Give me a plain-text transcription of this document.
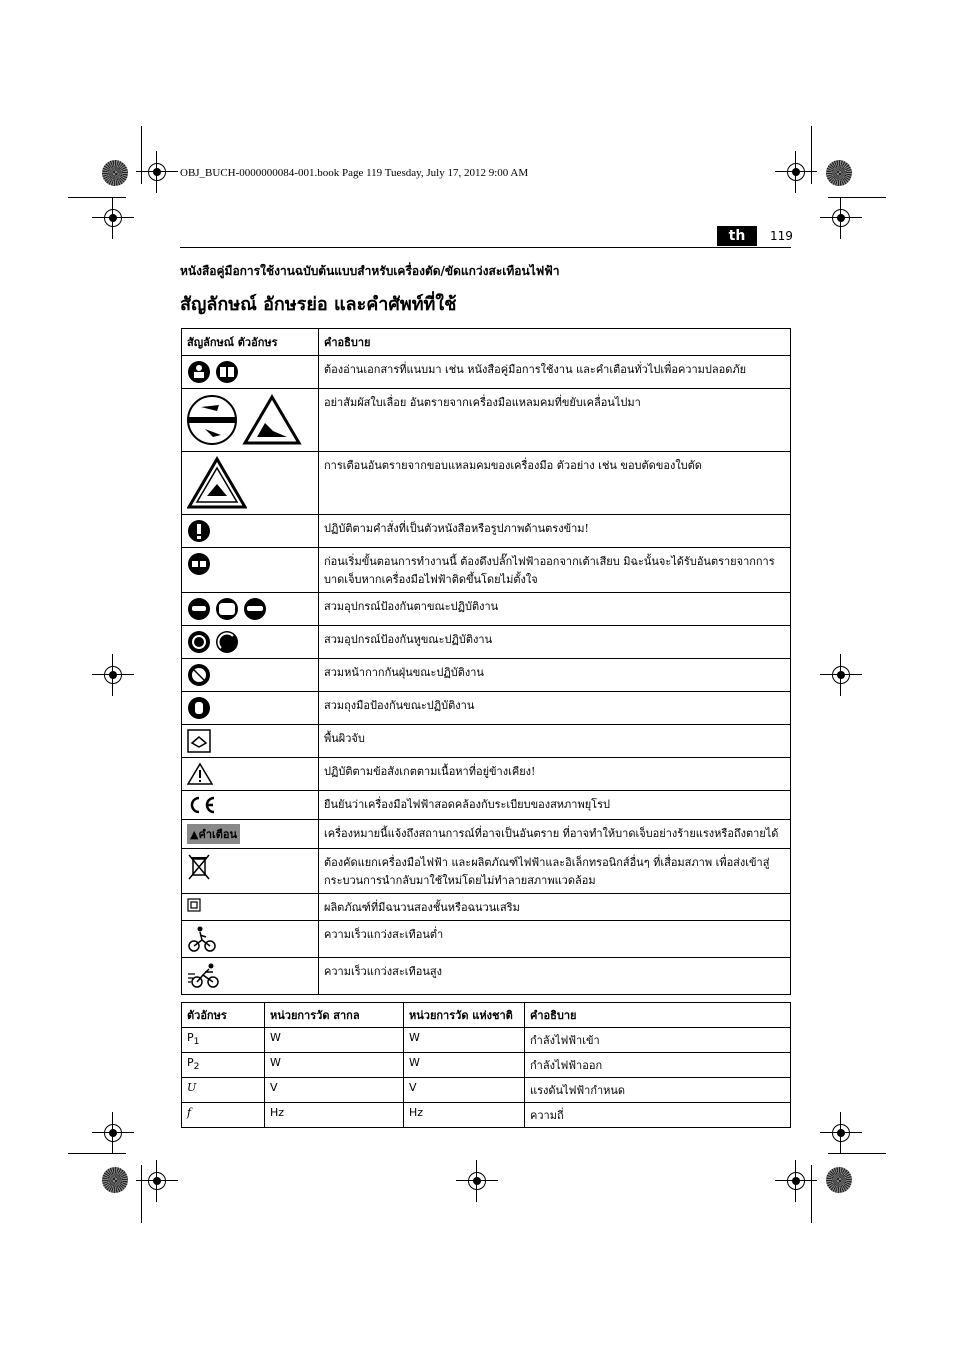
OBJ_BUCH-0000000084-001.book Page 119 Tuesday, July 17, 2012 9:00 AM
th	119
หนังสือคู่มือการใช้งานฉบับต้นแบบสำหรับเครื่องตัด/ขัดแกว่งสะเทือนไฟฟ้า
สัญลักษณ์ อักษรย่อ และคำศัพท์ที่ใช้
สัญลักษณ์ ตัวอักษร	คำอธิบาย
	ต้องอ่านเอกสารที่แนบมา เช่น หนังสือคู่มือการใช้งาน และคำเตือนทั่วไปเพื่อความปลอดภัย
	อย่าสัมผัสใบเลื่อย อันตรายจากเครื่องมือแหลมคมที่ขยับเคลื่อนไปมา
	การเตือนอันตรายจากขอบแหลมคมของเครื่องมือ ตัวอย่าง เช่น ขอบตัดของใบตัด
	ปฏิบัติตามคำสั่งที่เป็นตัวหนังสือหรือรูปภาพด้านตรงข้าม!
	ก่อนเริ่มขั้นตอนการทำงานนี้ ต้องดึงปลั๊กไฟฟ้าออกจากเต้าเสียบ มิฉะนั้นจะได้รับอันตรายจากการบาดเจ็บหากเครื่องมือไฟฟ้าติดขึ้นโดยไม่ตั้งใจ
	สวมอุปกรณ์ป้องกันตาขณะปฏิบัติงาน
	สวมอุปกรณ์ป้องกันหูขณะปฏิบัติงาน
	สวมหน้ากากกันฝุ่นขณะปฏิบัติงาน
	สวมถุงมือป้องกันขณะปฏิบัติงาน
	พื้นผิวจับ
	ปฏิบัติตามข้อสังเกตตามเนื้อหาที่อยู่ข้างเคียง!
	ยืนยันว่าเครื่องมือไฟฟ้าสอดคล้องกับระเบียบของสหภาพยุโรป
▲คำเตือน	เครื่องหมายนี้แจ้งถึงสถานการณ์ที่อาจเป็นอันตราย ที่อาจทำให้บาดเจ็บอย่างร้ายแรงหรือถึงตายได้
	ต้องคัดแยกเครื่องมือไฟฟ้า และผลิตภัณฑ์ไฟฟ้าและอิเล็กทรอนิกส์อื่นๆ ที่เสื่อมสภาพ เพื่อส่งเข้าสู่กระบวนการนำกลับมาใช้ใหม่โดยไม่ทำลายสภาพแวดล้อม
	ผลิตภัณฑ์ที่มีฉนวนสองชั้นหรือฉนวนเสริม
	ความเร็วแกว่งสะเทือนต่ำ
	ความเร็วแกว่งสะเทือนสูง
ตัวอักษร	หน่วยการวัด สากล	หน่วยการวัด แห่งชาติ	คำอธิบาย
$P_1$	W	W	กำลังไฟฟ้าเข้า
$P_2$	W	W	กำลังไฟฟ้าออก
U	V	V	แรงดันไฟฟ้ากำหนด
f	Hz	Hz	ความถี่
